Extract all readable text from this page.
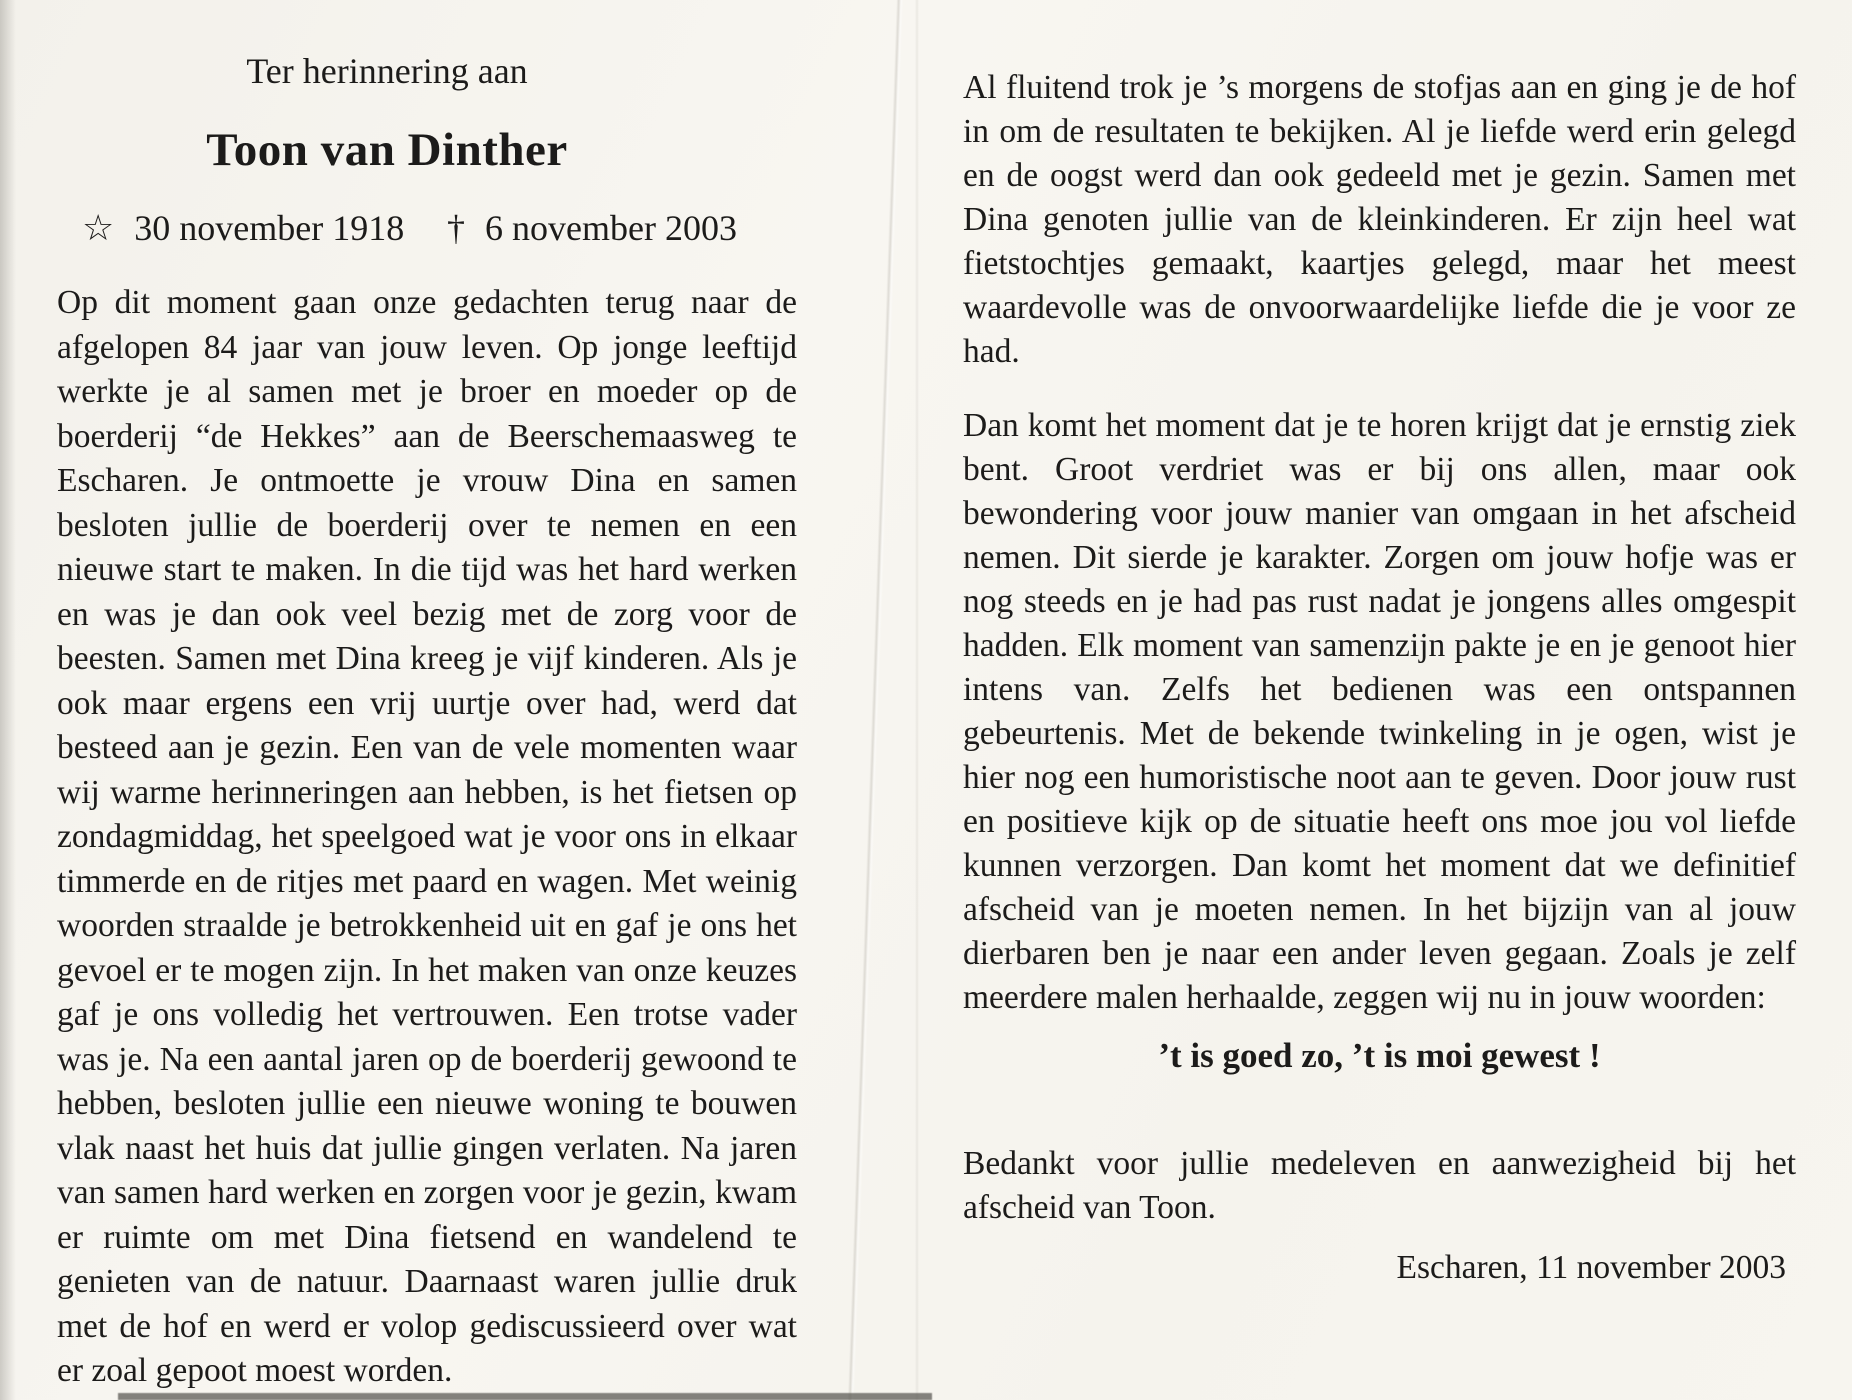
Ter herinnering aan
Toon van Dinther
☆ 30 november 1918 † 6 november 2003
Op dit moment gaan onze gedachten terug naar de afgelopen 84 jaar van jouw leven. Op jonge leeftijd werkte je al samen met je broer en moeder op de boerderij “de Hekkes” aan de Beerschemaasweg te Escharen. Je ontmoette je vrouw Dina en samen besloten jullie de boerderij over te nemen en een nieuwe start te maken. In die tijd was het hard werken en was je dan ook veel bezig met de zorg voor de beesten. Samen met Dina kreeg je vijf kinderen. Als je ook maar ergens een vrij uurtje over had, werd dat besteed aan je gezin. Een van de vele momenten waar wij warme herinneringen aan hebben, is het fietsen op zondagmiddag, het speelgoed wat je voor ons in elkaar timmerde en de ritjes met paard en wagen. Met weinig woorden straalde je betrokkenheid uit en gaf je ons het gevoel er te mogen zijn. In het maken van onze keuzes gaf je ons volledig het vertrouwen. Een trotse vader was je. Na een aantal jaren op de boerderij gewoond te hebben, besloten jullie een nieuwe woning te bouwen vlak naast het huis dat jullie gingen verlaten. Na jaren van samen hard werken en zorgen voor je gezin, kwam er ruimte om met Dina fietsend en wandelend te genieten van de natuur. Daarnaast waren jullie druk met de hof en werd er volop gediscussieerd over wat er zoal gepoot moest worden.

Al fluitend trok je ’s morgens de stofjas aan en ging je de hof in om de resultaten te bekijken. Al je liefde werd erin gelegd en de oogst werd dan ook gedeeld met je gezin. Samen met Dina genoten jullie van de kleinkinderen. Er zijn heel wat fietstochtjes gemaakt, kaartjes gelegd, maar het meest waardevolle was de onvoorwaardelijke liefde die je voor ze had.

Dan komt het moment dat je te horen krijgt dat je ernstig ziek bent. Groot verdriet was er bij ons allen, maar ook bewondering voor jouw manier van omgaan in het afscheid nemen. Dit sierde je karakter. Zorgen om jouw hofje was er nog steeds en je had pas rust nadat je jongens alles omgespit hadden. Elk moment van samenzijn pakte je en je genoot hier intens van. Zelfs het bedienen was een ontspannen gebeurtenis. Met de bekende twinkeling in je ogen, wist je hier nog een humoristische noot aan te geven. Door jouw rust en positieve kijk op de situatie heeft ons moe jou vol liefde kunnen verzorgen. Dan komt het moment dat we definitief afscheid van je moeten nemen. In het bijzijn van al jouw dierbaren ben je naar een ander leven gegaan. Zoals je zelf meerdere malen herhaalde, zeggen wij nu in jouw woorden:

’t is goed zo, ’t is moi gewest !

Bedankt voor jullie medeleven en aanwezigheid bij het afscheid van Toon.

Escharen, 11 november 2003
